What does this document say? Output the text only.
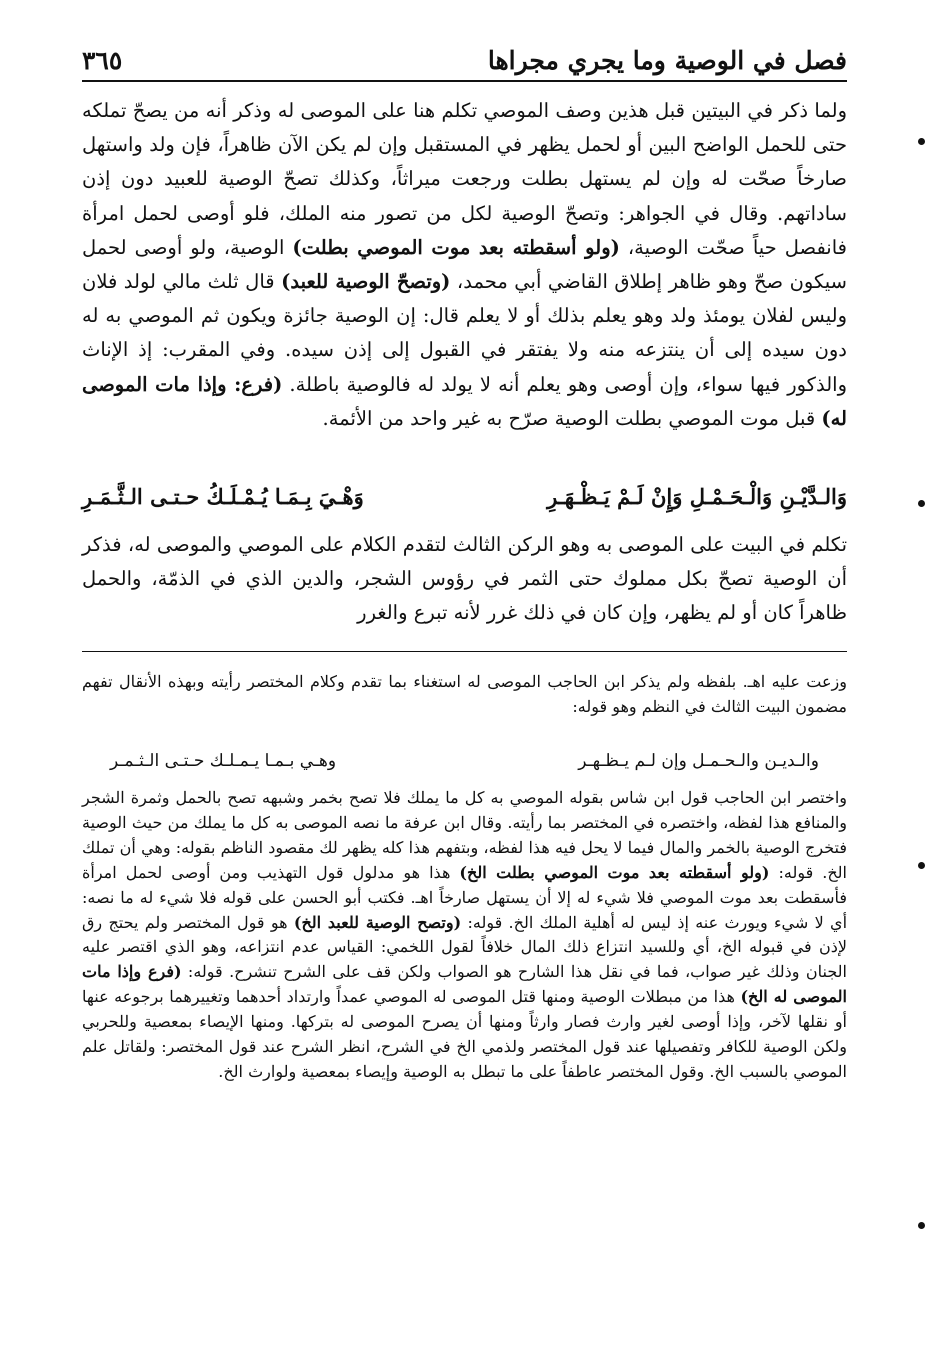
فصل في الوصية وما يجري مجراها
٣٦٥

ولما ذكر في البيتين قبل هذين وصف الموصي تكلم هنا على الموصى له وذكر أنه من يصحّ تملكه حتى للحمل الواضح البين أو لحمل يظهر في المستقبل وإن لم يكن الآن ظاهراً، فإن ولد واستهل صارخاً صحّت له وإن لم يستهل بطلت ورجعت ميراثاً، وكذلك تصحّ الوصية للعبيد دون إذن ساداتهم. وقال في الجواهر: وتصحّ الوصية لكل من تصور منه الملك، فلو أوصى لحمل امرأة فانفصل حياً صحّت الوصية، (ولو أسقطته بعد موت الموصي بطلت) الوصية، ولو أوصى لحمل سيكون صحّ وهو ظاهر إطلاق القاضي أبي محمد، (وتصحّ الوصية للعبد) قال ثلث مالي لولد فلان وليس لفلان يومئذ ولد وهو يعلم بذلك أو لا يعلم قال: إن الوصية جائزة ويكون ثم الموصي به له دون سيده إلى أن ينتزعه منه ولا يفتقر في القبول إلى إذن سيده. وفي المقرب: إذ الإناث والذكور فيها سواء، وإن أوصى وهو يعلم أنه لا يولد له فالوصية باطلة. (فرع: وإذا مات الموصى له) قبل موت الموصي بطلت الوصية صرّح به غير واحد من الأئمة.

وَهْـيَ بِـمَـا يُـمْـلَـكُ حـتـى الـثَّـمَـرِ	وَالـدَّيْـنِ وَالْـحَـمْـلِ وَإِنْ لَـمْ يَـظْـهَـرِ

تكلم في البيت على الموصى به وهو الركن الثالث لتقدم الكلام على الموصي والموصى له، فذكر أن الوصية تصحّ بكل مملوك حتى الثمر في رؤوس الشجر، والدين الذي في الذمّة، والحمل ظاهراً كان أو لم يظهر، وإن كان في ذلك غرر لأنه تبرع والغرر

وزعت عليه اهـ. بلفظه ولم يذكر ابن الحاجب الموصى له استغناء بما تقدم وكلام المختصر رأيته وبهذه الأنقال تفهم مضمون البيت الثالث في النظم وهو قوله:

وهـي بـمـا يـمـلـك حـتـى الـثـمـر	والـديـن والـحـمـل وإن لـم يـظـهـر

واختصر ابن الحاجب قول ابن شاس بقوله الموصي به كل ما يملك فلا تصح بخمر وشبهه تصح بالحمل وثمرة الشجر والمنافع هذا لفظه، واختصره في المختصر بما رأيته. وقال ابن عرفة ما نصه الموصى به كل ما يملك من حيث الوصية فتخرج الوصية بالخمر والمال فيما لا يحل فيه هذا لفظه، وبتفهم هذا كله يظهر لك مقصود الناظم بقوله: وهي أن تملك الخ. قوله: (ولو أسقطته بعد موت الموصي بطلت الخ) هذا هو مدلول قول التهذيب ومن أوصى لحمل امرأة فأسقطت بعد موت الموصي فلا شيء له إلا أن يستهل صارخاً اهـ. فكتب أبو الحسن على قوله فلا شيء له ما نصه: أي لا شيء ويورث عنه إذ ليس له أهلية الملك الخ. قوله: (وتصح الوصية للعبد الخ) هو قول المختصر ولم يحتج رق لإذن في قبوله الخ، أي وللسيد انتزاع ذلك المال خلافاً لقول اللخمي: القياس عدم انتزاعه، وهو الذي اقتصر عليه الجنان وذلك غير صواب، فما في نقل هذا الشارح هو الصواب ولكن قف على الشرح تنشرح. قوله: (فرع وإذا مات الموصى له الخ) هذا من مبطلات الوصية ومنها قتل الموصى له الموصي عمداً وارتداد أحدهما وتغييرهما برجوعه عنها أو نقلها لآخر، وإذا أوصى لغير وارث فصار وارثاً ومنها أن يصرح الموصى له بتركها. ومنها الإيصاء بمعصية وللحربي ولكن الوصية للكافر وتفصيلها عند قول المختصر ولذمي الخ في الشرح، انظر الشرح عند قول المختصر: ولقاتل علم الموصي بالسبب الخ. وقول المختصر عاطفاً على ما تبطل به الوصية وإيصاء بمعصية ولوارث الخ.
